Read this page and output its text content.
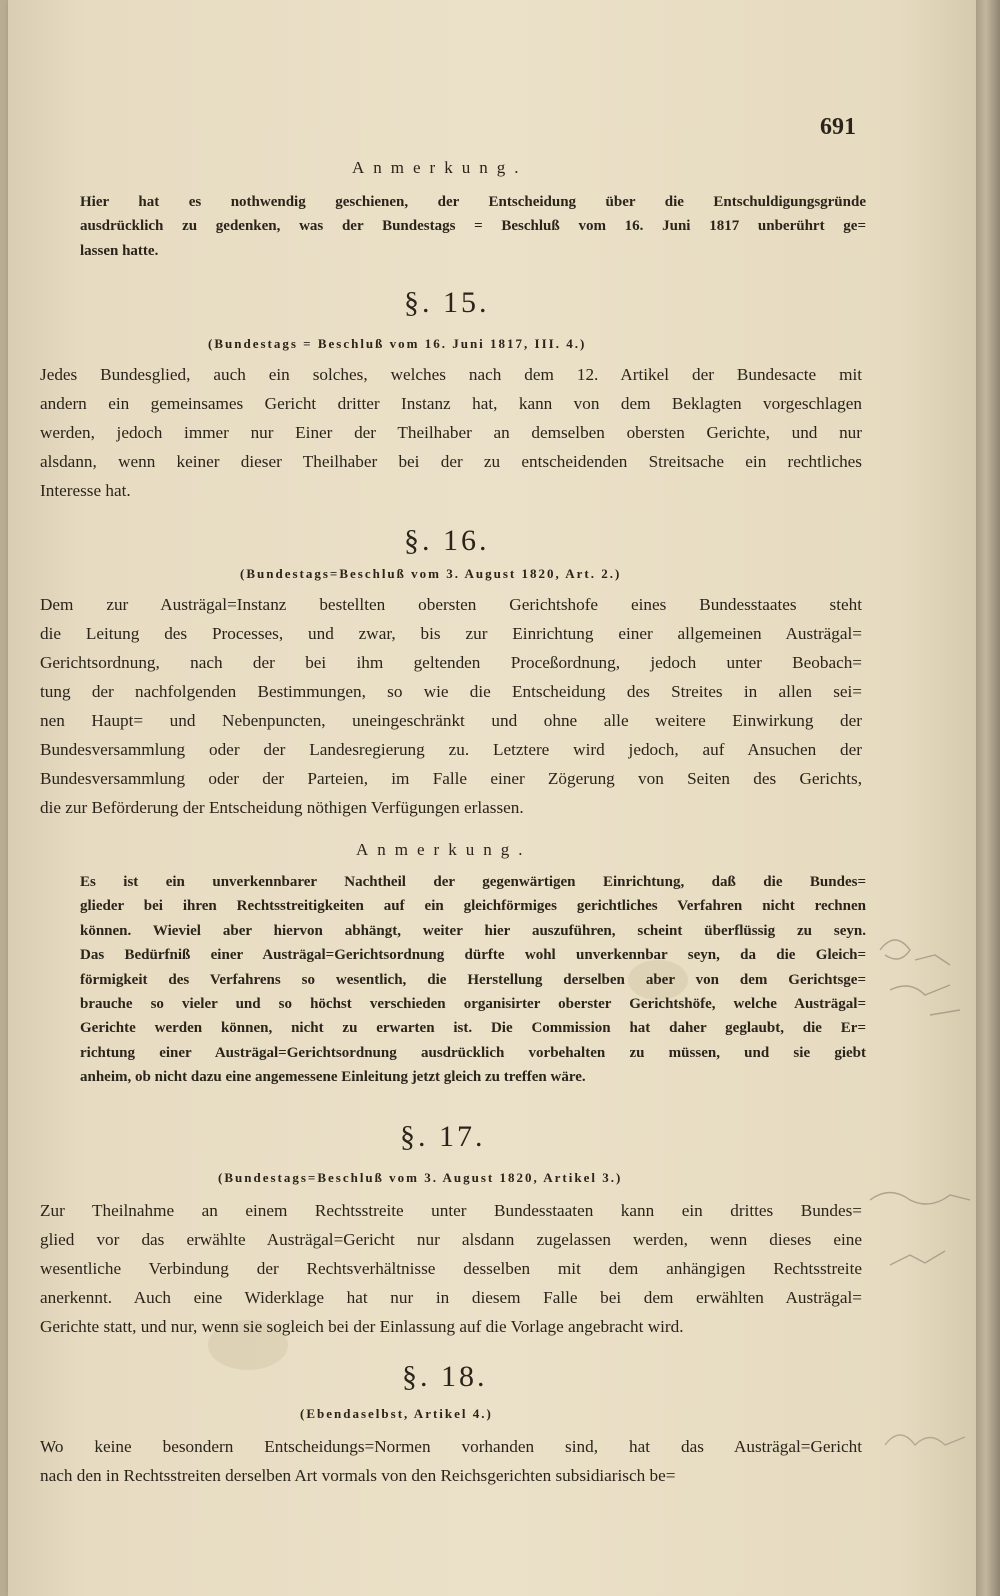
691
Anmerkung.
Hier hat es nothwendig geschienen, der Entscheidung über die Entschuldigungsgründe
ausdrücklich zu gedenken, was der Bundestags = Beschluß vom 16. Juni 1817 unberührt ge=
lassen hatte.
§. 15.
(Bundestags = Beschluß vom 16. Juni 1817, III. 4.)
Jedes Bundesglied, auch ein solches, welches nach dem 12. Artikel der Bundesacte mit
andern ein gemeinsames Gericht dritter Instanz hat, kann von dem Beklagten vorgeschlagen
werden, jedoch immer nur Einer der Theilhaber an demselben obersten Gerichte, und nur
alsdann, wenn keiner dieser Theilhaber bei der zu entscheidenden Streitsache ein rechtliches
Interesse hat.
§. 16.
(Bundestags=Beschluß vom 3. August 1820, Art. 2.)
Dem zur Austrägal=Instanz bestellten obersten Gerichtshofe eines Bundesstaates steht
die Leitung des Processes, und zwar, bis zur Einrichtung einer allgemeinen Austrägal=
Gerichtsordnung, nach der bei ihm geltenden Proceßordnung, jedoch unter Beobach=
tung der nachfolgenden Bestimmungen, so wie die Entscheidung des Streites in allen sei=
nen Haupt= und Nebenpuncten, uneingeschränkt und ohne alle weitere Einwirkung der
Bundesversammlung oder der Landesregierung zu. Letztere wird jedoch, auf Ansuchen der
Bundesversammlung oder der Parteien, im Falle einer Zögerung von Seiten des Gerichts,
die zur Beförderung der Entscheidung nöthigen Verfügungen erlassen.
Anmerkung.
Es ist ein unverkennbarer Nachtheil der gegenwärtigen Einrichtung, daß die Bundes=
glieder bei ihren Rechtsstreitigkeiten auf ein gleichförmiges gerichtliches Verfahren nicht rechnen
können. Wieviel aber hiervon abhängt, weiter hier auszuführen, scheint überflüssig zu seyn.
Das Bedürfniß einer Austrägal=Gerichtsordnung dürfte wohl unverkennbar seyn, da die Gleich=
förmigkeit des Verfahrens so wesentlich, die Herstellung derselben aber von dem Gerichtsge=
brauche so vieler und so höchst verschieden organisirter oberster Gerichtshöfe, welche Austrägal=
Gerichte werden können, nicht zu erwarten ist. Die Commission hat daher geglaubt, die Er=
richtung einer Austrägal=Gerichtsordnung ausdrücklich vorbehalten zu müssen, und sie giebt
anheim, ob nicht dazu eine angemessene Einleitung jetzt gleich zu treffen wäre.
§. 17.
(Bundestags=Beschluß vom 3. August 1820, Artikel 3.)
Zur Theilnahme an einem Rechtsstreite unter Bundesstaaten kann ein drittes Bundes=
glied vor das erwählte Austrägal=Gericht nur alsdann zugelassen werden, wenn dieses eine
wesentliche Verbindung der Rechtsverhältnisse desselben mit dem anhängigen Rechtsstreite
anerkennt. Auch eine Widerklage hat nur in diesem Falle bei dem erwählten Austrägal=
Gerichte statt, und nur, wenn sie sogleich bei der Einlassung auf die Vorlage angebracht wird.
§. 18.
(Ebendaselbst, Artikel 4.)
Wo keine besondern Entscheidungs=Normen vorhanden sind, hat das Austrägal=Gericht
nach den in Rechtsstreiten derselben Art vormals von den Reichsgerichten subsidiarisch be=
